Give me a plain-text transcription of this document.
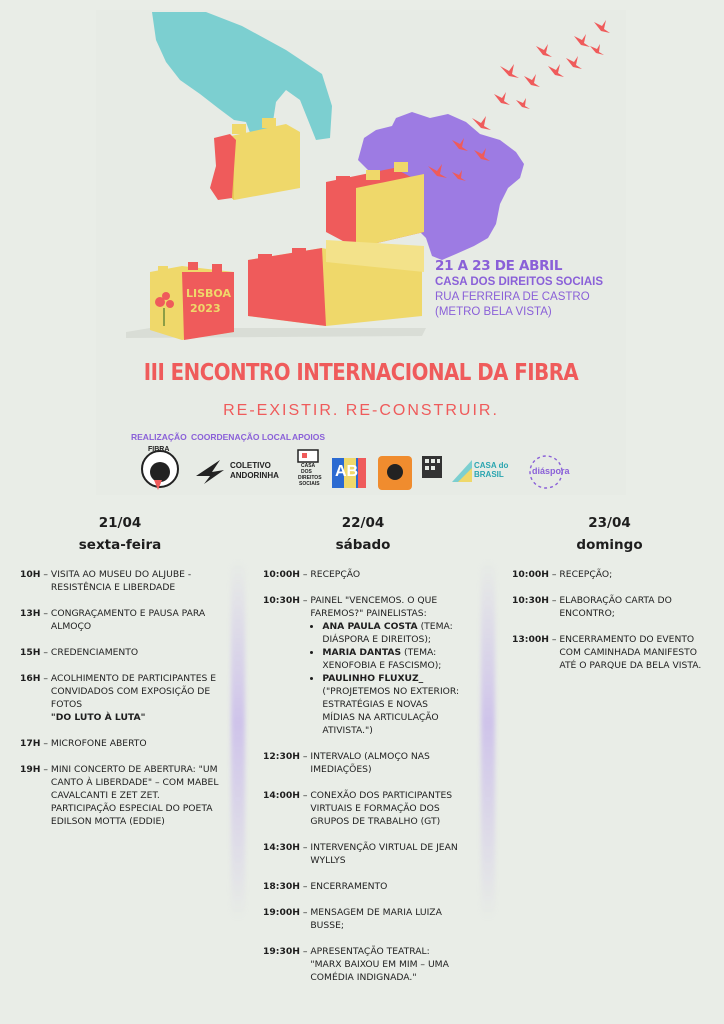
LISBOA
2023
21 A 23 DE ABRIL
CASA DOS DIREITOS SOCIAIS
RUA FERREIRA DE CASTRO
(METRO BELA VISTA)
III ENCONTRO INTERNACIONAL DA FIBRA
RE-EXISTIR. RE-CONSTRUIR.
REALIZAÇÃO COORDENAÇÃO LOCAL APOIOS
FIBRA
COLETIVO
ANDORINHA
CASA
DOS
DIREITOS
SOCIAIS
AB	CASA do
BRASIL	diáspora
21/04
sexta-feira
10H – VISITA AO MUSEU DO ALJUBE - RESISTÊNCIA E LIBERDADE
13H – CONGRAÇAMENTO E PAUSA PARA ALMOÇO
15H – CREDENCIAMENTO
16H – ACOLHIMENTO DE PARTICIPANTES E CONVIDADOS COM EXPOSIÇÃO DE FOTOS
"DO LUTO À LUTA"
17H – MICROFONE ABERTO
19H – MINI CONCERTO DE ABERTURA: "UM CANTO À LIBERDADE" – COM MABEL CAVALCANTI E ZET ZET.
PARTICIPAÇÃO ESPECIAL DO POETA EDILSON MOTTA (EDDIE)
22/04
sábado
10:00H – RECEPÇÃO
10:30H – PAINEL "VENCEMOS. O QUE FAREMOS?" PAINELISTAS:
• ANA PAULA COSTA (TEMA: DIÁSPORA E DIREITOS);
• MARIA DANTAS (TEMA: XENOFOBIA E FASCISMO);
• PAULINHO FLUXUZ_ ("PROJETEMOS NO EXTERIOR: ESTRATÉGIAS E NOVAS MÍDIAS NA ARTICULAÇÃO ATIVISTA.")
12:30H – INTERVALO (ALMOÇO NAS IMEDIAÇÕES)
14:00H – CONEXÃO DOS PARTICIPANTES VIRTUAIS E FORMAÇÃO DOS GRUPOS DE TRABALHO (GT)
14:30H – INTERVENÇÃO VIRTUAL DE JEAN WYLLYS
18:30H – ENCERRAMENTO
19:00H – MENSAGEM DE MARIA LUIZA BUSSE;
19:30H – APRESENTAÇÃO TEATRAL: "MARX BAIXOU EM MIM – UMA COMÉDIA INDIGNADA."
23/04
domingo
10:00H – RECEPÇÃO;
10:30H – ELABORAÇÃO CARTA DO ENCONTRO;
13:00H – ENCERRAMENTO DO EVENTO COM CAMINHADA MANIFESTO ATÉ O PARQUE DA BELA VISTA.
